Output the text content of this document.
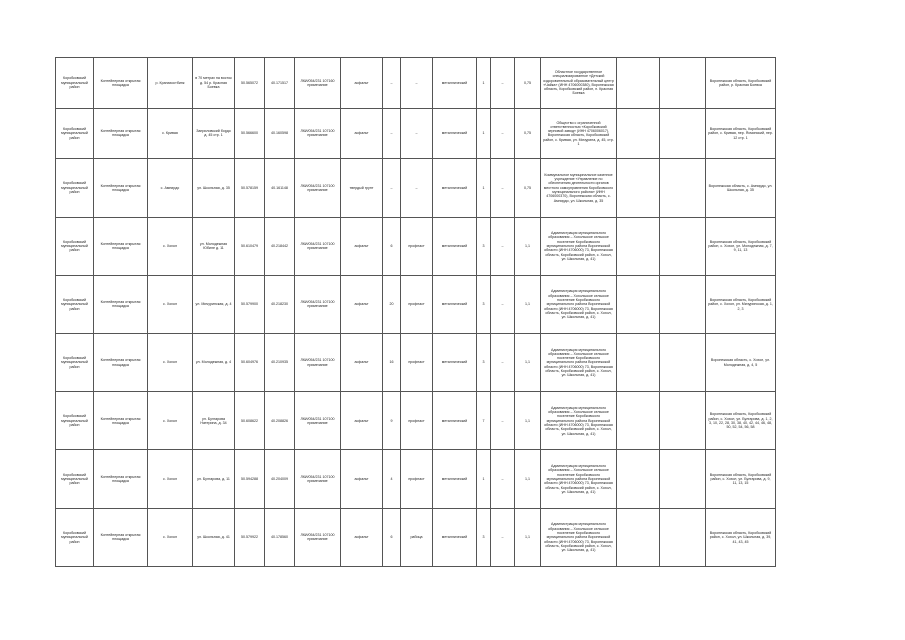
Коробковский муниципальный район	Контейнерная открытая площадка	р. Кранахостбинк	в 70 метрах на восток д. 54 р. Красная Боевка	50.565072	40.171517	ЛКИ/054/231 107160 примечание	асфальт	–	–	металлический	1	–	0,75	Областное государственное специализированное «Детский оздоровительный образовательный центр «Чайка» (ИНН 4706000380), Воронежская область, Коробковский район, п. Красная Боевка			Воронежская область, Коробковский район, р. Красная Боевка
Коробковский муниципальный район	Контейнерная открытая площадка	с. Кривая	Заприловский бордо д. 45 стр. 1	50.566600	40.160598	ЛКИ/054/231 107100 примечание	асфальт	–	–	металлический	1	–	0,75	Общество с ограниченной ответственностью «Коробковский зерновой завод» (ИНН 4706006017), Воронежская область, Коробковский район, с. Кривая, ул. Мичурина, д. 45, стр. 1			Воронежская область, Коробковский район, с. Кривая, пер. Ясминский, пер. 12 стр. 1
Коробковский муниципальный район	Контейнерная открытая площадка	с. Ампирдо	ул. Школьная, д. 35	50.578159	40.161148	ЛКИ/054/231 107100 примечание	твердый грунт	–	–	металлический	1	–	0,75	Коммунальное муниципальное казенное учреждение «Управление по обеспечению деятельности органов местного самоуправления Коробковского муниципального района» (ИНН 4706000370), Воронежская область, с. Ампирдо, ул. Школьная, д. 35			Воронежская область, с. Ампирдо, ул. Школьная, д. 35
Коробковский муниципальный район	Контейнерная открытая площадка	с. Хохол	ул. Молодежная Юбиле д. 11	50.610479	40.218442	ЛКИ/054/231 107100 примечание	асфальт	6	профнаст	металлический	3	–	1,1	Администрация муниципального образования – Хохольское сельское поселение Коробковского муниципального района Воронежской области (ИНН 4706000) 73, Воронежская область, Коробковский район, с. Хохол, ул. Школьная, д. 41)			Воронежская область, Коробковский район, с. Хохол, ул. Молодежная, д. 7, 9, 11, 13
Коробковский муниципальный район	Контейнерная открытая площадка	с. Хохол	ул. Мичуринская, д. 4	50.579900	40.218230	ЛКИ/054/231 107100 примечание	асфальт	20	профнаст	металлический	3	–	1,1	Администрация муниципального образования – Хохольское сельское поселение Коробковского муниципального района Воронежской области (ИНН 4706000) 73, Воронежская область, Коробковский район, с. Хохол, ул. Школьная, д. 41)			Воронежская область, Коробковский район, с. Хохол, ул. Мичуринская, д. 1, 2, 3
Коробковский муниципальный район	Контейнерная открытая площадка	с. Хохол	ул. Молодежная, д. 4	50.604976	40.210935	ЛКИ/054/231 107100 примечание	асфальт	16	профнаст	металлический	3	–	1,1	Администрация муниципального образования – Хохольское сельское поселение Коробковского муниципального района Воронежской области (ИНН 4706000) 73, Воронежская область, Коробковский район, с. Хохол, ул. Школьная, д. 41)			Воронежская область, с. Хохол, ул. Молодежная, д. 4, 5
Коробковский муниципальный район	Контейнерная открытая площадка	с. Хохол	ул. Булгарова Натерина, д. 34	50.608622	40.208826	ЛКИ/054/231 107100 примечание	асфальт	9	профнаст	металлический	7	–	1,1	Администрация муниципального образования – Хохольское сельское поселение Коробковского муниципального района Воронежской области (ИНН 4706000) 73, Воронежская область, Коробковский район, с. Хохол, ул. Школьная, д. 41)			Воронежская область, Коробковский район, с. Хохол, ул. Булгарова, д. 1, 2, 3, 10, 22, 28, 30, 38, 40, 42, 44, 46, 48, 50, 52, 54, 56, 58
Коробковский муниципальный район	Контейнерная открытая площадка	с. Хохол	ул. Булгарова, д. 11	50.594288	40.204009	ЛКИ/054/231 107100 примечание	асфальт	4	профнаст	металлический	1	–	1,1	Администрация муниципального образования – Хохольское сельское поселение Коробковского муниципального района Воронежской области (ИНН 4706000) 73, Воронежская область, Коробковский район, с. Хохол, ул. Школьная, д. 41)			Воронежская область, Коробковский район, с. Хохол, ул. Булгарова, д. 9, 11, 13, 15
Коробковский муниципальный район	Контейнерная открытая площадка	с. Хохол	ул. Школьная, д. 41	50.579922	40.178560	ЛКИ/054/231 107100 примечание	асфальт	6	рабица	металлический	3	–	1,1	Администрация муниципального образования – Хохольское сельское поселение Коробковского муниципального района Воронежской области (ИНН 4706000) 73, Воронежская область, Коробковский район, с. Хохол, ул. Школьная, д. 41)			Воронежская область, Коробковский район, с. Хохол, ул. Школьная, д. 39, 41, 43, 45
